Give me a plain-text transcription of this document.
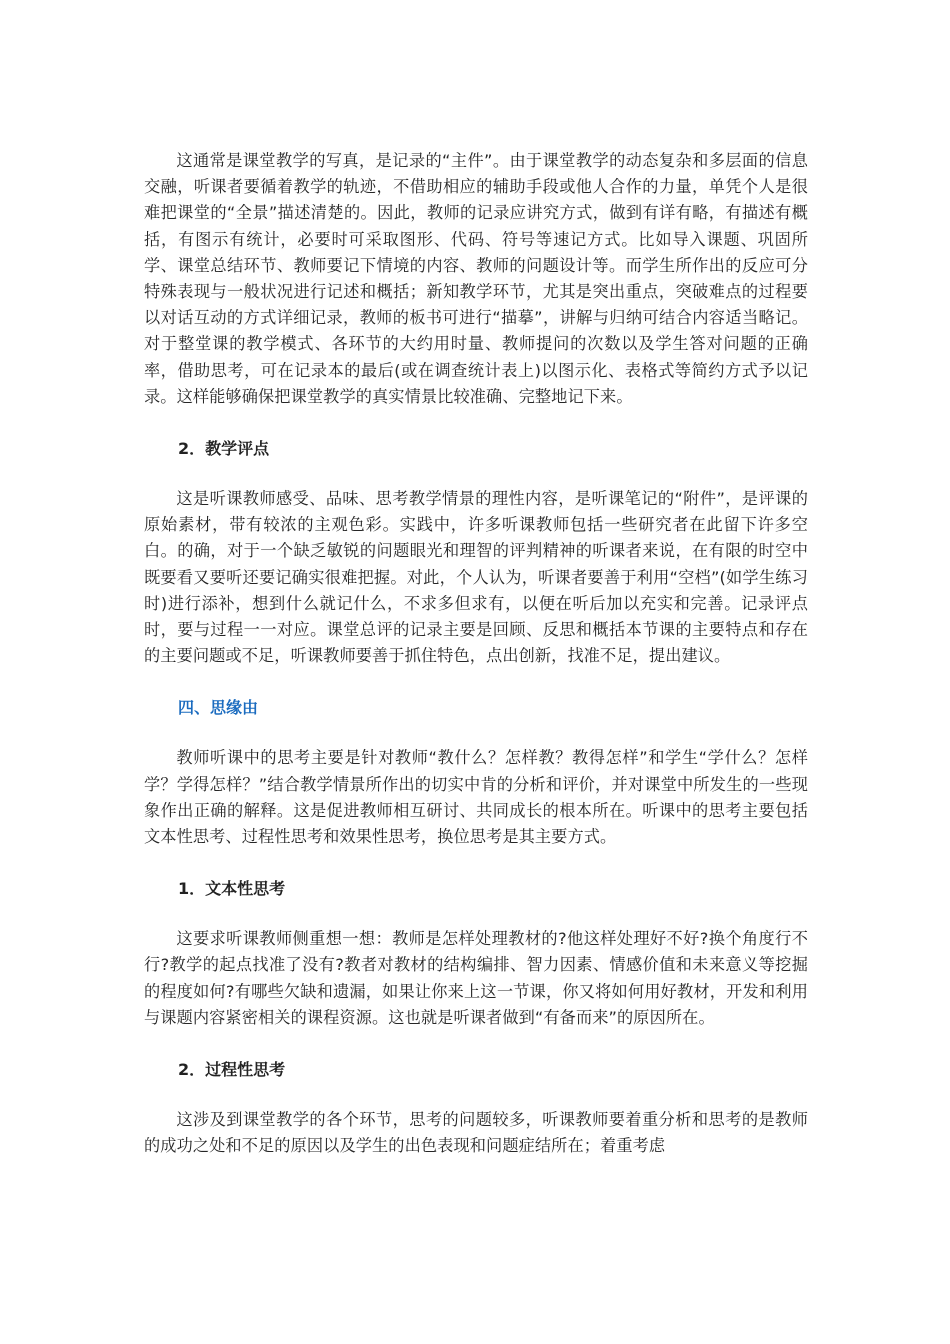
这通常是课堂教学的写真，是记录的“主件”。由于课堂教学的动态复杂和多层面的信息交融，听课者要循着教学的轨迹，不借助相应的辅助手段或他人合作的力量，单凭个人是很难把课堂的“全景”描述清楚的。因此，教师的记录应讲究方式，做到有详有略，有描述有概括，有图示有统计，必要时可采取图形、代码、符号等速记方式。比如导入课题、巩固所学、课堂总结环节、教师要记下情境的内容、教师的问题设计等。而学生所作出的反应可分特殊表现与一般状况进行记述和概括；新知教学环节，尤其是突出重点，突破难点的过程要以对话互动的方式详细记录，教师的板书可进行“描摹”，讲解与归纳可结合内容适当略记。对于整堂课的教学模式、各环节的大约用时量、教师提问的次数以及学生答对问题的正确率，借助思考，可在记录本的最后(或在调查统计表上)以图示化、表格式等简约方式予以记录。这样能够确保把课堂教学的真实情景比较准确、完整地记下来。

2．教学评点

这是听课教师感受、品味、思考教学情景的理性内容，是听课笔记的“附件”，是评课的原始素材，带有较浓的主观色彩。实践中，许多听课教师包括一些研究者在此留下许多空白。的确，对于一个缺乏敏锐的问题眼光和理智的评判精神的听课者来说，在有限的时空中既要看又要听还要记确实很难把握。对此，个人认为，听课者要善于利用“空档”(如学生练习时)进行添补，想到什么就记什么，不求多但求有，以便在听后加以充实和完善。记录评点时，要与过程一一对应。课堂总评的记录主要是回顾、反思和概括本节课的主要特点和存在的主要问题或不足，听课教师要善于抓住特色，点出创新，找准不足，提出建议。

四、思缘由

教师听课中的思考主要是针对教师“教什么？怎样教？教得怎样”和学生“学什么？怎样学？学得怎样？”结合教学情景所作出的切实中肯的分析和评价，并对课堂中所发生的一些现象作出正确的解释。这是促进教师相互研讨、共同成长的根本所在。听课中的思考主要包括文本性思考、过程性思考和效果性思考，换位思考是其主要方式。

1．文本性思考

这要求听课教师侧重想一想：教师是怎样处理教材的?他这样处理好不好?换个角度行不行?教学的起点找准了没有?教者对教材的结构编排、智力因素、情感价值和未来意义等挖掘的程度如何?有哪些欠缺和遗漏，如果让你来上这一节课，你又将如何用好教材，开发和利用与课题内容紧密相关的课程资源。这也就是听课者做到“有备而来”的原因所在。

2．过程性思考

这涉及到课堂教学的各个环节，思考的问题较多，听课教师要着重分析和思考的是教师的成功之处和不足的原因以及学生的出色表现和问题症结所在；着重考虑
